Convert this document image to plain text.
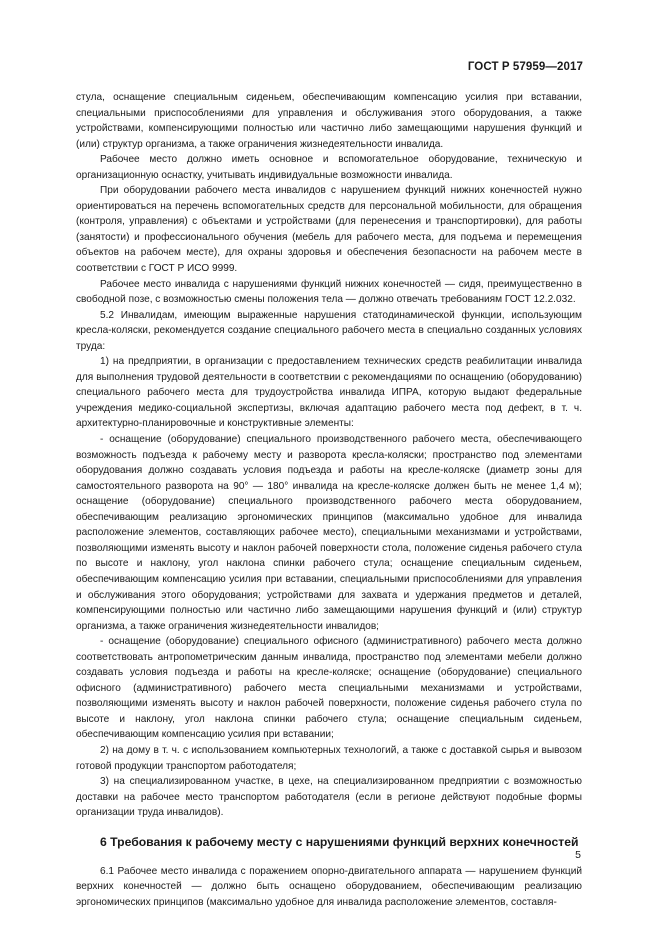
ГОСТ Р 57959—2017

стула, оснащение специальным сиденьем, обеспечивающим компенсацию усилия при вставании, специальными приспособлениями для управления и обслуживания этого оборудования, а также устройствами, компенсирующими полностью или частично либо замещающими нарушения функций и (или) структур организма, а также ограничения жизнедеятельности инвалида.

Рабочее место должно иметь основное и вспомогательное оборудование, техническую и организационную оснастку, учитывать индивидуальные возможности инвалида.

При оборудовании рабочего места инвалидов с нарушением функций нижних конечностей нужно ориентироваться на перечень вспомогательных средств для персональной мобильности, для обращения (контроля, управления) с объектами и устройствами (для перенесения и транспортировки), для работы (занятости) и профессионального обучения (мебель для рабочего места, для подъема и перемещения объектов на рабочем месте), для охраны здоровья и обеспечения безопасности на рабочем месте в соответствии с ГОСТ Р ИСО 9999.

Рабочее место инвалида с нарушениями функций нижних конечностей — сидя, преимущественно в свободной позе, с возможностью смены положения тела — должно отвечать требованиям ГОСТ 12.2.032.

5.2 Инвалидам, имеющим выраженные нарушения статодинамической функции, использующим кресла-коляски, рекомендуется создание специального рабочего места в специально созданных условиях труда:

1) на предприятии, в организации с предоставлением технических средств реабилитации инвалида для выполнения трудовой деятельности в соответствии с рекомендациями по оснащению (оборудованию) специального рабочего места для трудоустройства инвалида ИПРА, которую выдают федеральные учреждения медико-социальной экспертизы, включая адаптацию рабочего места под дефект, в т. ч. архитектурно-планировочные и конструктивные элементы:

- оснащение (оборудование) специального производственного рабочего места, обеспечивающего возможность подъезда к рабочему месту и разворота кресла-коляски; пространство под элементами оборудования должно создавать условия подъезда и работы на кресле-коляске (диаметр зоны для самостоятельного разворота на 90° — 180° инвалида на кресле-коляске должен быть не менее 1,4 м); оснащение (оборудование) специального производственного рабочего места оборудованием, обеспечивающим реализацию эргономических принципов (максимально удобное для инвалида расположение элементов, составляющих рабочее место), специальными механизмами и устройствами, позволяющими изменять высоту и наклон рабочей поверхности стола, положение сиденья рабочего стула по высоте и наклону, угол наклона спинки рабочего стула; оснащение специальным сиденьем, обеспечивающим компенсацию усилия при вставании, специальными приспособлениями для управления и обслуживания этого оборудования; устройствами для захвата и удержания предметов и деталей, компенсирующими полностью или частично либо замещающими нарушения функций и (или) структур организма, а также ограничения жизнедеятельности инвалидов;

- оснащение (оборудование) специального офисного (административного) рабочего места должно соответствовать антропометрическим данным инвалида, пространство под элементами мебели должно создавать условия подъезда и работы на кресле-коляске; оснащение (оборудование) специального офисного (административного) рабочего места специальными механизмами и устройствами, позволяющими изменять высоту и наклон рабочей поверхности, положение сиденья рабочего стула по высоте и наклону, угол наклона спинки рабочего стула; оснащение специальным сиденьем, обеспечивающим компенсацию усилия при вставании;

2) на дому в т. ч. с использованием компьютерных технологий, а также с доставкой сырья и вывозом готовой продукции транспортом работодателя;

3) на специализированном участке, в цехе, на специализированном предприятии с возможностью доставки на рабочее место транспортом работодателя (если в регионе действуют подобные формы организации труда инвалидов).

6 Требования к рабочему месту с нарушениями функций верхних конечностей

6.1 Рабочее место инвалида с поражением опорно-двигательного аппарата — нарушением функций верхних конечностей — должно быть оснащено оборудованием, обеспечивающим реализацию эргономических принципов (максимально удобное для инвалида расположение элементов, составля-

5
